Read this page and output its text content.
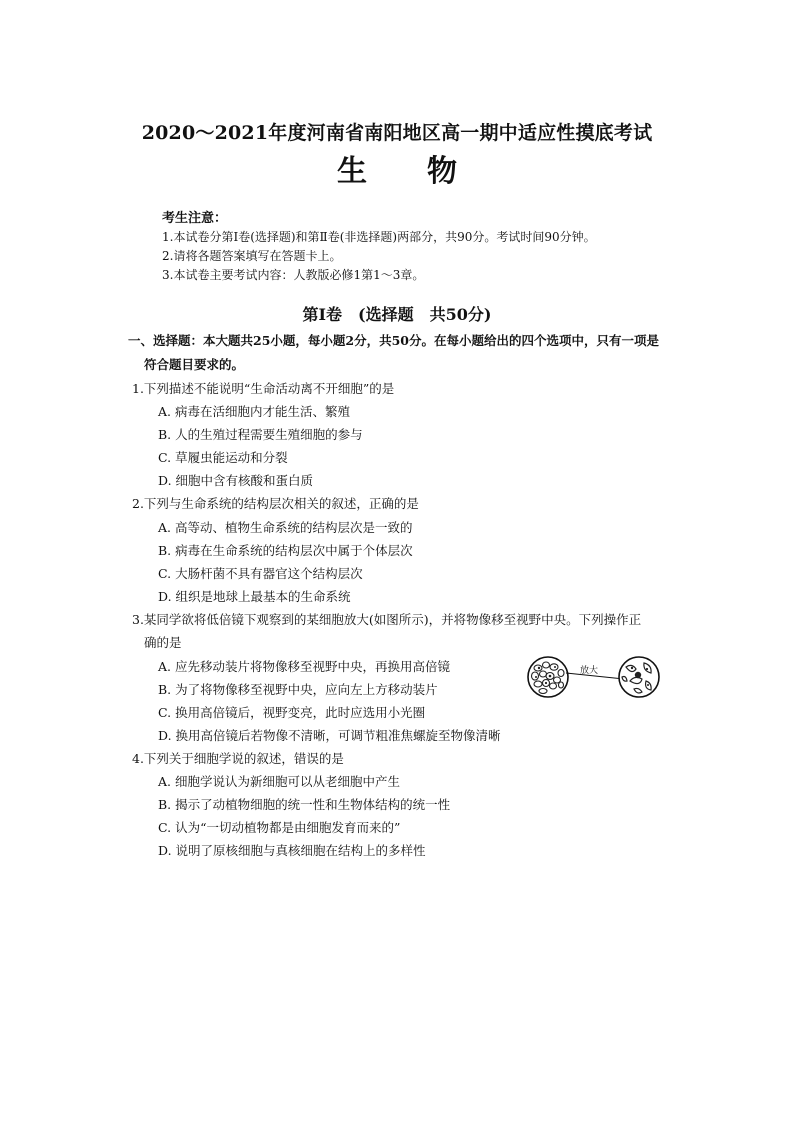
2020～2021年度河南省南阳地区高一期中适应性摸底考试
生物
考生注意：
1.本试卷分第Ⅰ卷(选择题)和第Ⅱ卷(非选择题)两部分，共90分。考试时间90分钟。
2.请将各题答案填写在答题卡上。
3.本试卷主要考试内容：人教版必修1第1～3章。
第Ⅰ卷　(选择题　共50分)
一、选择题：本大题共25小题，每小题2分，共50分。在每小题给出的四个选项中，只有一项是
符合题目要求的。
1.下列描述不能说明“生命活动离不开细胞”的是
A. 病毒在活细胞内才能生活、繁殖
B. 人的生殖过程需要生殖细胞的参与
C. 草履虫能运动和分裂
D. 细胞中含有核酸和蛋白质
2.下列与生命系统的结构层次相关的叙述，正确的是
A. 高等动、植物生命系统的结构层次是一致的
B. 病毒在生命系统的结构层次中属于个体层次
C. 大肠杆菌不具有器官这个结构层次
D. 组织是地球上最基本的生命系统
3.某同学欲将低倍镜下观察到的某细胞放大(如图所示)，并将物像移至视野中央。下列操作正
确的是
A. 应先移动装片将物像移至视野中央，再换用高倍镜
B. 为了将物像移至视野中央，应向左上方移动装片
C. 换用高倍镜后，视野变亮，此时应选用小光圈
D. 换用高倍镜后若物像不清晰，可调节粗准焦螺旋至物像清晰
放大
4.下列关于细胞学说的叙述，错误的是
A. 细胞学说认为新细胞可以从老细胞中产生
B. 揭示了动植物细胞的统一性和生物体结构的统一性
C. 认为“一切动植物都是由细胞发育而来的”
D. 说明了原核细胞与真核细胞在结构上的多样性
